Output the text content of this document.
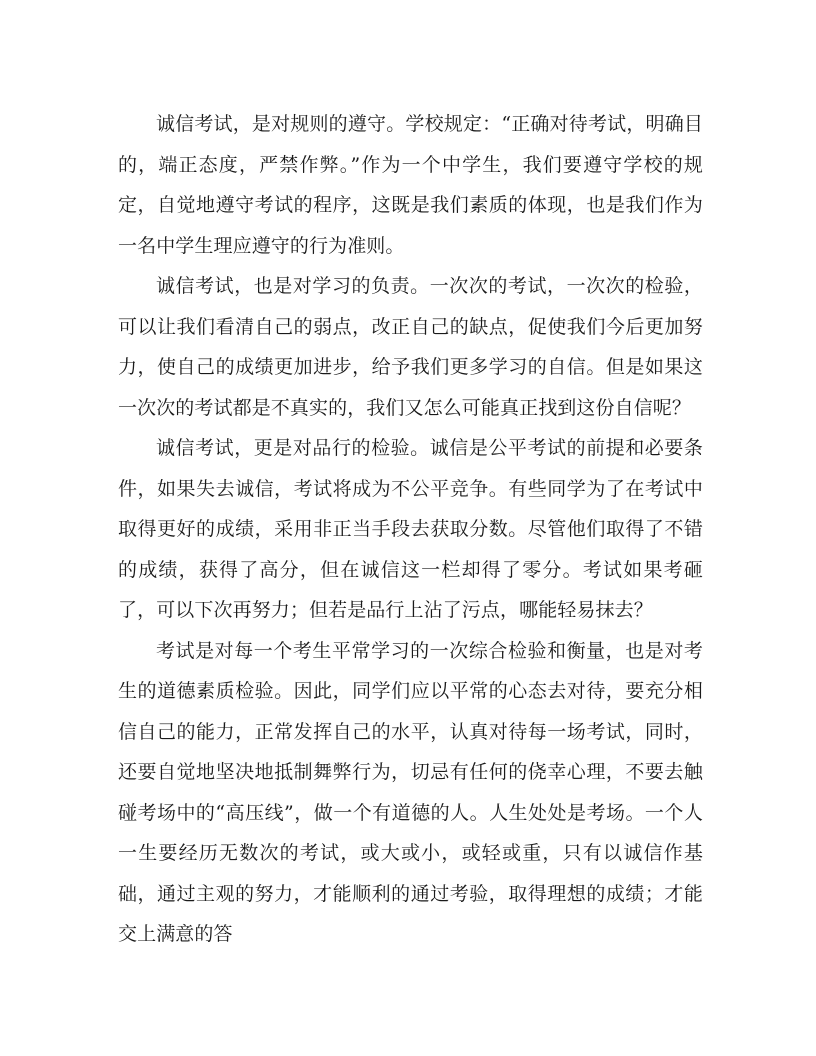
诚信考试，是对规则的遵守。学校规定：“正确对待考试，明确目的，端正态度，严禁作弊。”作为一个中学生，我们要遵守学校的规定，自觉地遵守考试的程序，这既是我们素质的体现，也是我们作为一名中学生理应遵守的行为准则。

诚信考试，也是对学习的负责。一次次的考试，一次次的检验，可以让我们看清自己的弱点，改正自己的缺点，促使我们今后更加努力，使自己的成绩更加进步，给予我们更多学习的自信。但是如果这一次次的考试都是不真实的，我们又怎么可能真正找到这份自信呢？

诚信考试，更是对品行的检验。诚信是公平考试的前提和必要条件，如果失去诚信，考试将成为不公平竞争。有些同学为了在考试中取得更好的成绩，采用非正当手段去获取分数。尽管他们取得了不错的成绩，获得了高分，但在诚信这一栏却得了零分。考试如果考砸了，可以下次再努力；但若是品行上沾了污点，哪能轻易抹去？

考试是对每一个考生平常学习的一次综合检验和衡量，也是对考生的道德素质检验。因此，同学们应以平常的心态去对待，要充分相信自己的能力，正常发挥自己的水平，认真对待每一场考试，同时，还要自觉地坚决地抵制舞弊行为，切忌有任何的侥幸心理，不要去触碰考场中的“高压线”，做一个有道德的人。人生处处是考场。一个人一生要经历无数次的考试，或大或小，或轻或重，只有以诚信作基础，通过主观的努力，才能顺利的通过考验，取得理想的成绩；才能交上满意的答
